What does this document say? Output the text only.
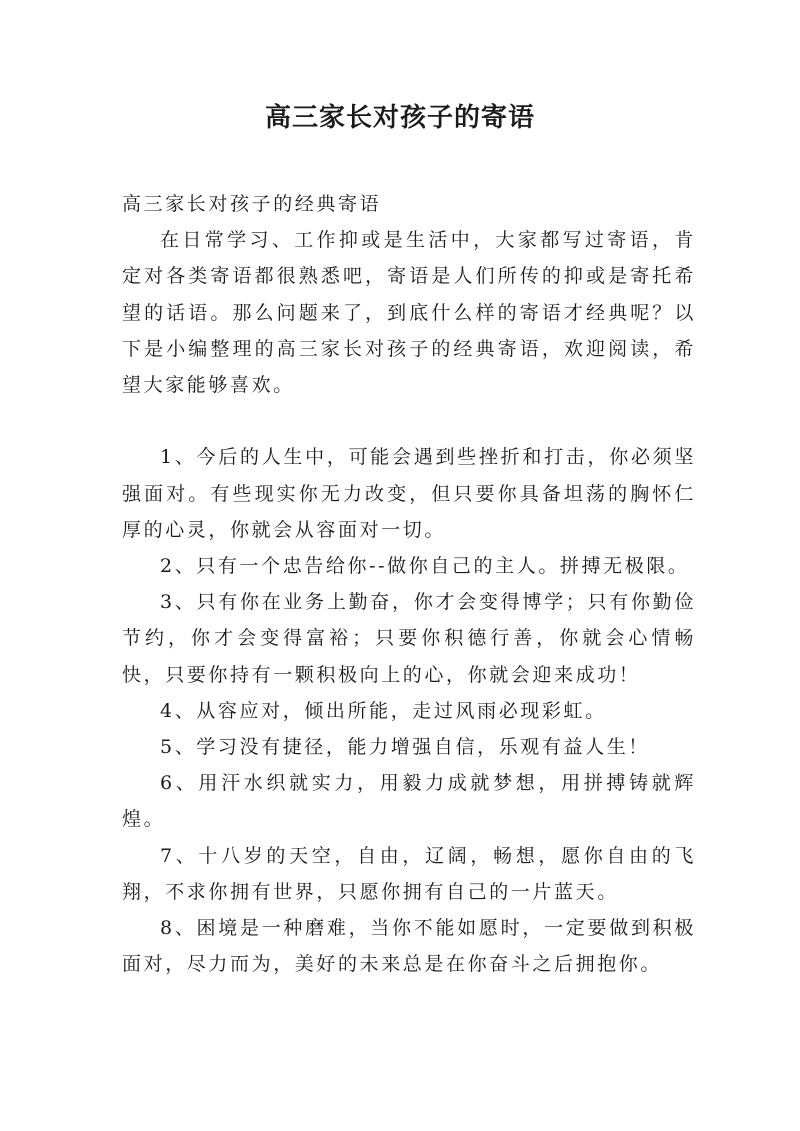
高三家长对孩子的寄语

高三家长对孩子的经典寄语

在日常学习、工作抑或是生活中，大家都写过寄语，肯定对各类寄语都很熟悉吧，寄语是人们所传的抑或是寄托希望的话语。那么问题来了，到底什么样的寄语才经典呢？以下是小编整理的高三家长对孩子的经典寄语，欢迎阅读，希望大家能够喜欢。

1、今后的人生中，可能会遇到些挫折和打击，你必须坚强面对。有些现实你无力改变，但只要你具备坦荡的胸怀仁厚的心灵，你就会从容面对一切。

2、只有一个忠告给你--做你自己的主人。拼搏无极限。

3、只有你在业务上勤奋，你才会变得博学；只有你勤俭节约，你才会变得富裕；只要你积德行善，你就会心情畅快，只要你持有一颗积极向上的心，你就会迎来成功！

4、从容应对，倾出所能，走过风雨必现彩虹。

5、学习没有捷径，能力增强自信，乐观有益人生！

6、用汗水织就实力，用毅力成就梦想，用拼搏铸就辉煌。

7、十八岁的天空，自由，辽阔，畅想，愿你自由的飞翔，不求你拥有世界，只愿你拥有自己的一片蓝天。

8、困境是一种磨难，当你不能如愿时，一定要做到积极面对，尽力而为，美好的未来总是在你奋斗之后拥抱你。
